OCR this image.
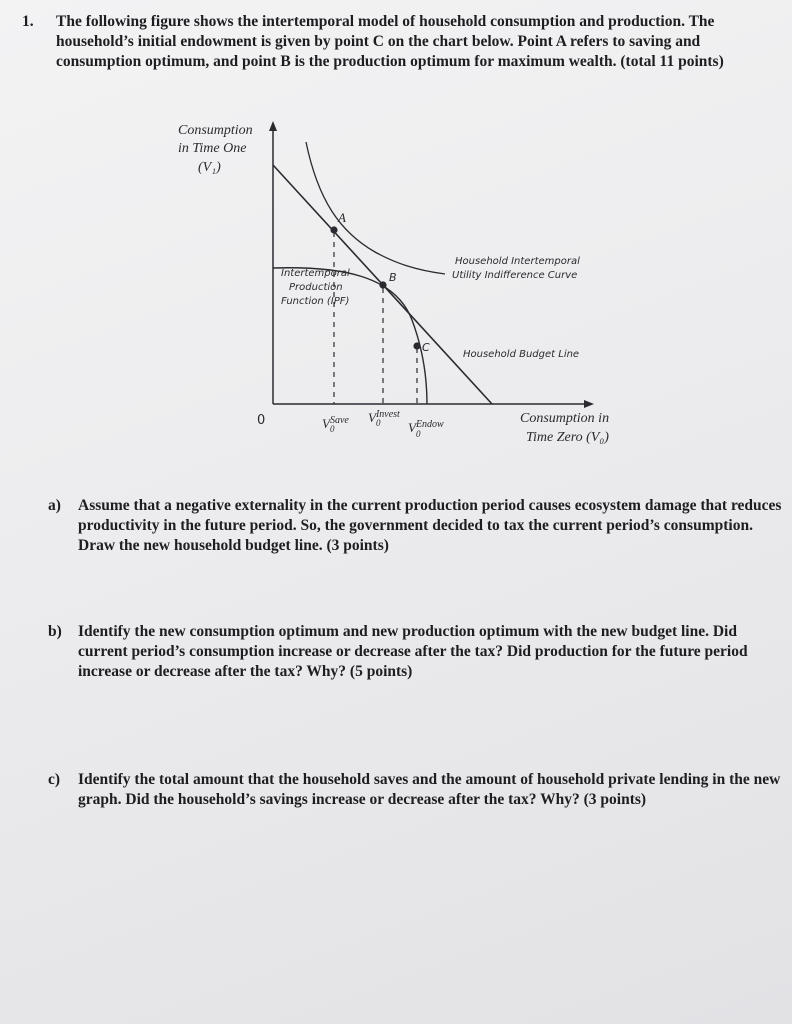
1. The following figure shows the intertemporal model of household consumption and production. The household’s initial endowment is given by point C on the chart below. Point A refers to saving and consumption optimum, and point B is the production optimum for maximum wealth. (total 11 points)
A
B
C
Consumption
in Time One
(V₁)
0	Consumption in
Time Zero (V₀)
Intertemporal
Production
Function (IPF)
Household Intertemporal
Utility Indifference Curve
Household Budget Line
$V^{Save}$
0
$V^{Invest}$
0 $V^{Endow}$
0
a) Assume that a negative externality in the current production period causes ecosystem damage that reduces productivity in the future period. So, the government decided to tax the current period’s consumption. Draw the new household budget line. (3 points)
b) Identify the new consumption optimum and new production optimum with the new budget line. Did current period’s consumption increase or decrease after the tax? Did production for the future period increase or decrease after the tax? Why? (5 points)
c) Identify the total amount that the household saves and the amount of household private lending in the new graph. Did the household’s savings increase or decrease after the tax? Why? (3 points)
